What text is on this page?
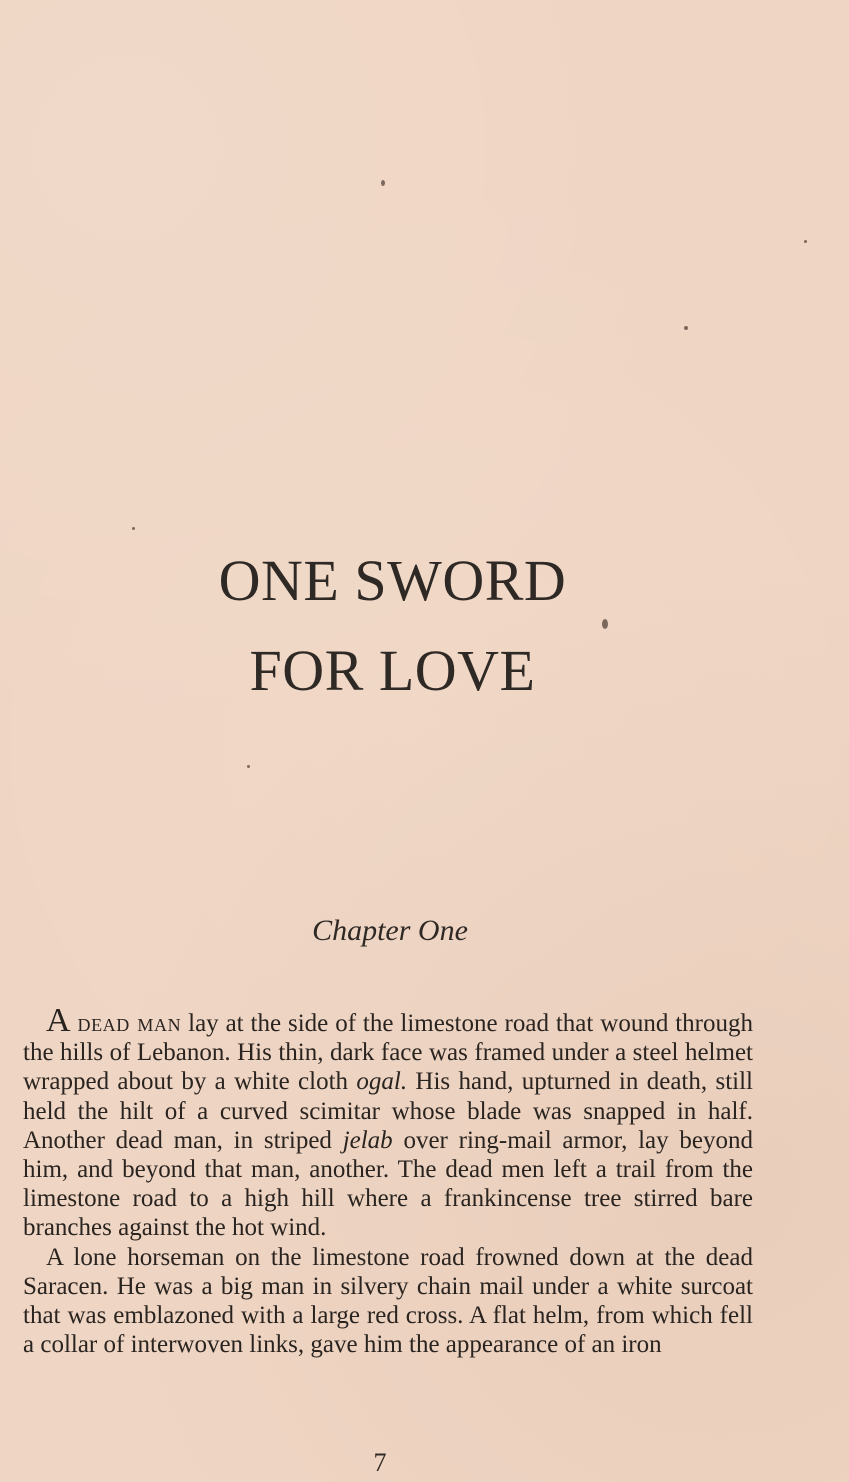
ONE SWORD
FOR LOVE
Chapter One

A dead man lay at the side of the limestone road that wound through the hills of Lebanon. His thin, dark face was framed under a steel helmet wrapped about by a white cloth ogal. His hand, upturned in death, still held the hilt of a curved scimitar whose blade was snapped in half. Another dead man, in striped jelab over ring-mail armor, lay beyond him, and beyond that man, another. The dead men left a trail from the limestone road to a high hill where a frankincense tree stirred bare branches against the hot wind.

A lone horseman on the limestone road frowned down at the dead Saracen. He was a big man in silvery chain mail under a white surcoat that was emblazoned with a large red cross. A flat helm, from which fell a collar of interwoven links, gave him the appearance of an iron

7
